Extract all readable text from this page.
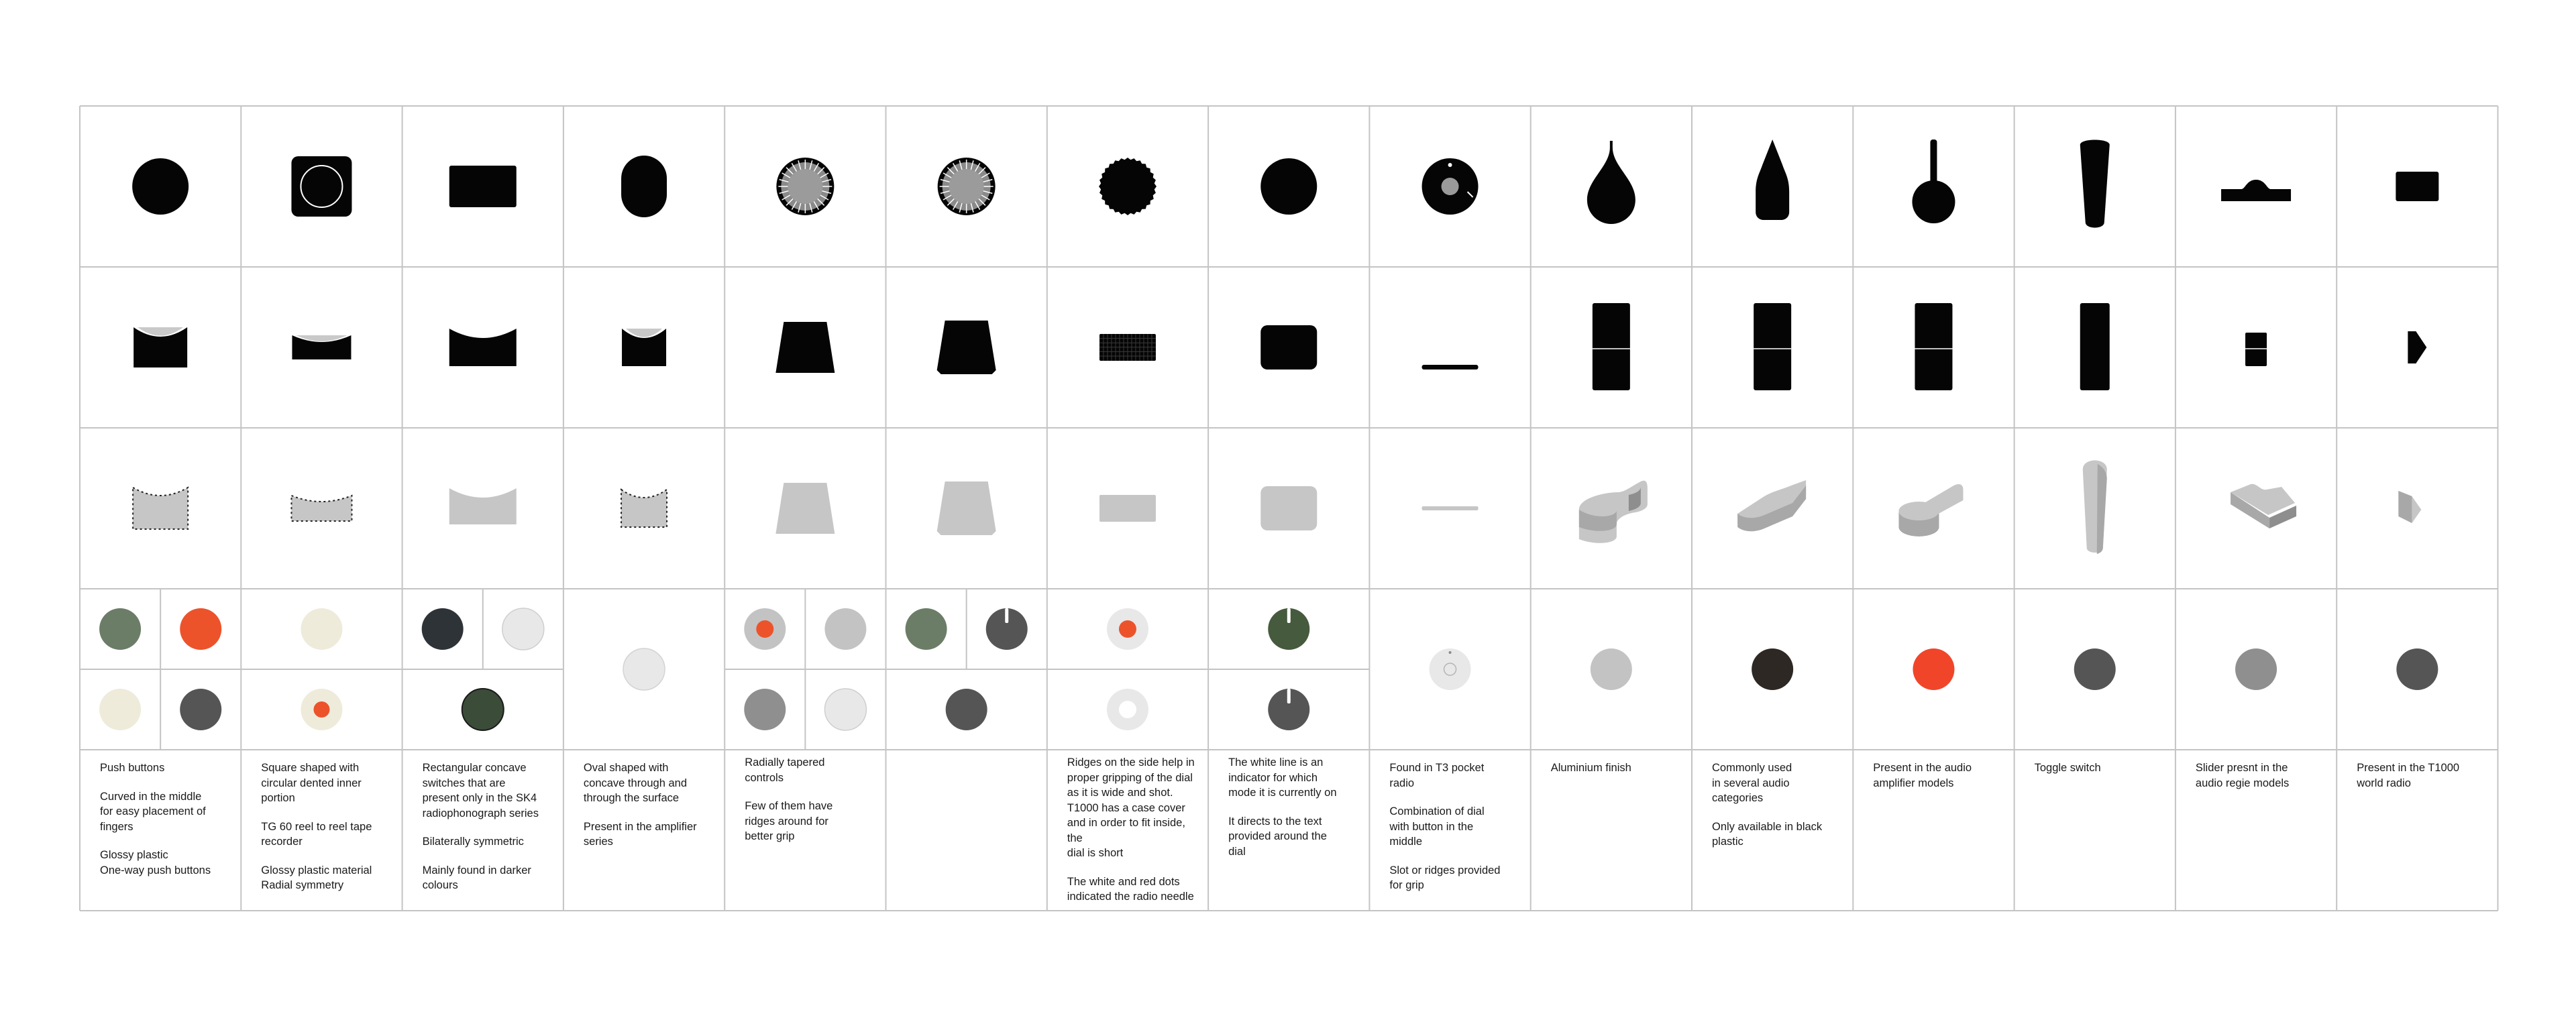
Push buttons

Curved in the middle
for easy placement of
fingers

Glossy plastic
One-way push buttons

Square shaped with
circular dented inner
portion

TG 60 reel to reel tape
recorder

Glossy plastic material
Radial symmetry

Rectangular concave
switches that are
present only in the SK4
radiophonograph series

Bilaterally symmetric

Mainly found in darker
colours

Oval shaped with
concave through and
through the surface

Present in the amplifier
series

Radially tapered
controls

Few of them have
ridges around for
better grip

Ridges on the side help in
proper gripping of the dial
as it is wide and shot.
T1000 has a case cover
and in order to fit inside, the
dial is short

The white and red dots
indicated the radio needle

The white line is an
indicator for which
mode it is currently on

It directs to the text
provided around the
dial

Found in T3 pocket
radio

Combination of dial
with button in the
middle

Slot or ridges provided
for grip

Aluminium finish	Commonly used
in several audio
categories

Only available in black
plastic

Present in the audio
amplifier models

Toggle switch	Slider presnt in the
audio regie models

Present in the T1000
world radio
